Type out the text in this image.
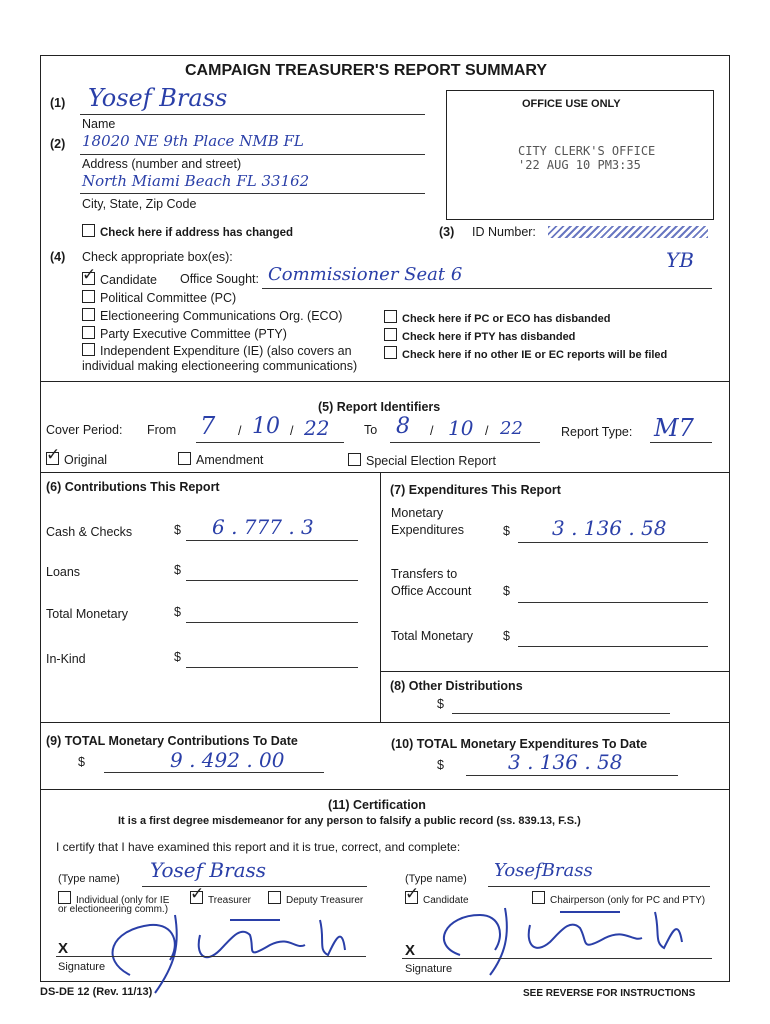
CAMPAIGN TREASURER'S REPORT SUMMARY
(1) Yosef Brass
Name
OFFICE USE ONLY
CITY CLERK'S OFFICE
'22 AUG 10 PM3:35
(2) 18020 NE 9th Place NMB FL
Address (number and street)
North Miami Beach FL 33162
City, State, Zip Code
Check here if address has changed	(3) ID Number:
YB
(4) Check appropriate box(es):
✓Candidate Office Sought: Commissioner Seat 6
Political Committee (PC)
Electioneering Communications Org. (ECO)
Party Executive Committee (PTY)
Independent Expenditure (IE) (also covers an
individual making electioneering communications)
Check here if PC or ECO has disbanded
Check here if PTY has disbanded
Check here if no other IE or EC reports will be filed
(5) Report Identifiers
Cover Period: From 7 / 10 / 22	To 8 / 10 / 22	Report Type: M7
✓Original	Amendment	Special Election Report
(6) Contributions This Report
Cash & Checks	$ 6 . 777 . 3
Loans	$
Total Monetary	$
In-Kind	$
(7) Expenditures This Report
Monetary
Expenditures	$ 3 . 136 . 58
Transfers to
Office Account	$
Total Monetary $
(8) Other Distributions
$
(9) TOTAL Monetary Contributions To Date
$	9 . 492 . 00
(10) TOTAL Monetary Expenditures To Date
$	3 . 136 . 58
(11) Certification
It is a first degree misdemeanor for any person to falsify a public record (ss. 839.13, F.S.)
I certify that I have examined this report and it is true, correct, and complete:
(Type name) Yosef Brass
Individual (only for IE
or electioneering comm.)
✓Treasurer	Deputy Treasurer
(Type name) YosefBrass
✓Candidate	Chairperson (only for PC and PTY)
X
Signature
X
Signature
DS-DE 12 (Rev. 11/13)	SEE REVERSE FOR INSTRUCTIONS
